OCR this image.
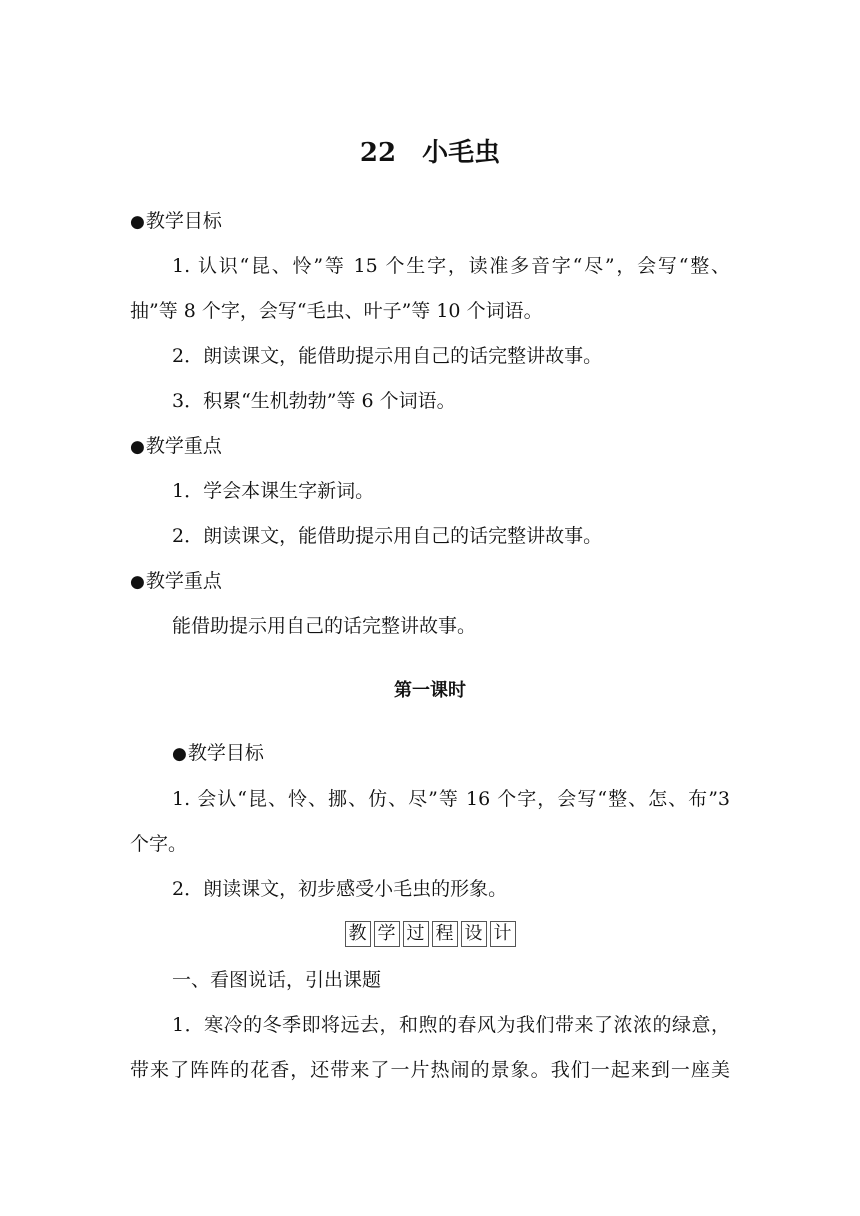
22　小毛虫
●教学目标
1. 认识“昆、怜”等 15 个生字，读准多音字“尽”，会写“整、
抽”等 8 个字，会写“毛虫、叶子”等 10 个词语。
2．朗读课文，能借助提示用自己的话完整讲故事。
3．积累“生机勃勃”等 6 个词语。
●教学重点
1．学会本课生字新词。
2．朗读课文，能借助提示用自己的话完整讲故事。
●教学重点
能借助提示用自己的话完整讲故事。
第一课时
●教学目标
1. 会认“昆、怜、挪、仿、尽”等 16 个字，会写“整、怎、布”3
个字。
2．朗读课文，初步感受小毛虫的形象。
教 学 过 程 设 计
一、看图说话，引出课题
1．寒冷的冬季即将远去，和煦的春风为我们带来了浓浓的绿意，
带来了阵阵的花香，还带来了一片热闹的景象。我们一起来到一座美
